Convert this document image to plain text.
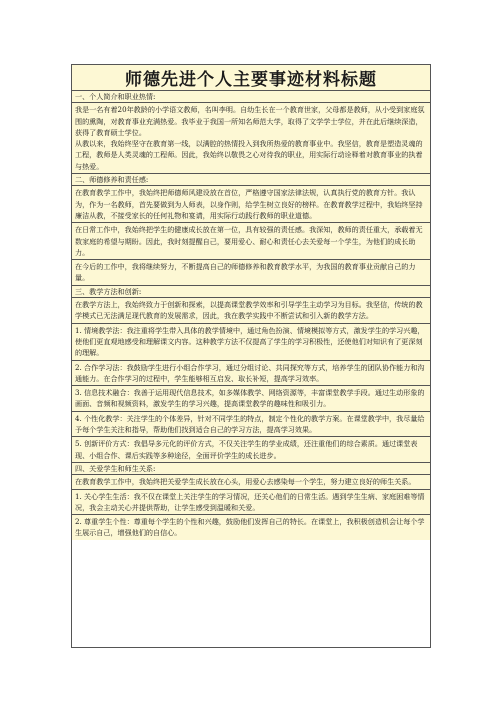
师德先进个人主要事迹材料标题

一、个人简介和职业热情:

我是一名有着20年教龄的小学语文教师，名叫李明。自幼生长在一个教育世家，父母都是教师，从小受到家庭氛围的熏陶，对教育事业充满热爱。我毕业于我国一所知名师范大学，取得了文学学士学位，并在此后继续深造，获得了教育硕士学位。

从教以来，我始终坚守在教育第一线，以满腔的热情投入到我所热爱的教育事业中。我坚信，教育是塑造灵魂的工程，教师是人类灵魂的工程师。因此，我始终以敬畏之心对待我的职业，用实际行动诠释着对教育事业的执着与热爱。

二、师德修养和责任感:

在教育教学工作中，我始终把师德师风建设放在首位，严格遵守国家法律法规，认真执行党的教育方针。我认为，作为一名教师，首先要做到为人师表，以身作则，给学生树立良好的榜样。在教育教学过程中，我始终坚持廉洁从教，不接受家长的任何礼物和宴请，用实际行动践行教师的职业道德。

在日常工作中，我始终把学生的健康成长放在第一位，具有较强的责任感。我深知，教师的责任重大，承载着无数家庭的希望与期盼。因此，我时刻提醒自己，要用爱心、耐心和责任心去关爱每一个学生，为他们的成长助力。

在今后的工作中，我将继续努力，不断提高自己的师德修养和教育教学水平，为我国的教育事业贡献自己的力量。

三、教学方法和创新:

在教学方法上，我始终致力于创新和探索，以提高课堂教学效率和引导学生主动学习为目标。我坚信，传统的教学模式已无法满足现代教育的发展需求，因此，我在教学实践中不断尝试和引入新的教学方法。

1. 情境教学法：我注重将学生带入具体的教学情境中，通过角色扮演、情境模拟等方式，激发学生的学习兴趣，使他们更直观地感受和理解课文内容。这种教学方法不仅提高了学生的学习积极性，还使他们对知识有了更深刻的理解。

2. 合作学习法：我鼓励学生进行小组合作学习，通过分组讨论、共同探究等方式，培养学生的团队协作能力和沟通能力。在合作学习的过程中，学生能够相互启发、取长补短，提高学习效率。

3. 信息技术融合：我善于运用现代信息技术，如多媒体教学、网络资源等，丰富课堂教学手段。通过生动形象的画面、音频和视频资料，激发学生的学习兴趣，提高课堂教学的趣味性和吸引力。

4. 个性化教学：关注学生的个体差异，针对不同学生的特点，制定个性化的教学方案。在课堂教学中，我尽量给予每个学生关注和指导，帮助他们找到适合自己的学习方法，提高学习效果。

5. 创新评价方式：我倡导多元化的评价方式，不仅关注学生的学业成绩，还注重他们的综合素质。通过课堂表现、小组合作、课后实践等多种途径，全面评价学生的成长进步。

四、关爱学生和师生关系:

在教育教学工作中，我始终把关爱学生成长放在心头，用爱心去感染每一个学生，努力建立良好的师生关系。

1. 关心学生生活：我不仅在课堂上关注学生的学习情况，还关心他们的日常生活。遇到学生生病、家庭困难等情况，我会主动关心并提供帮助，让学生感受到温暖和关爱。

2. 尊重学生个性：尊重每个学生的个性和兴趣，鼓励他们发挥自己的特长。在课堂上，我积极创造机会让每个学生展示自己，增强他们的自信心。
